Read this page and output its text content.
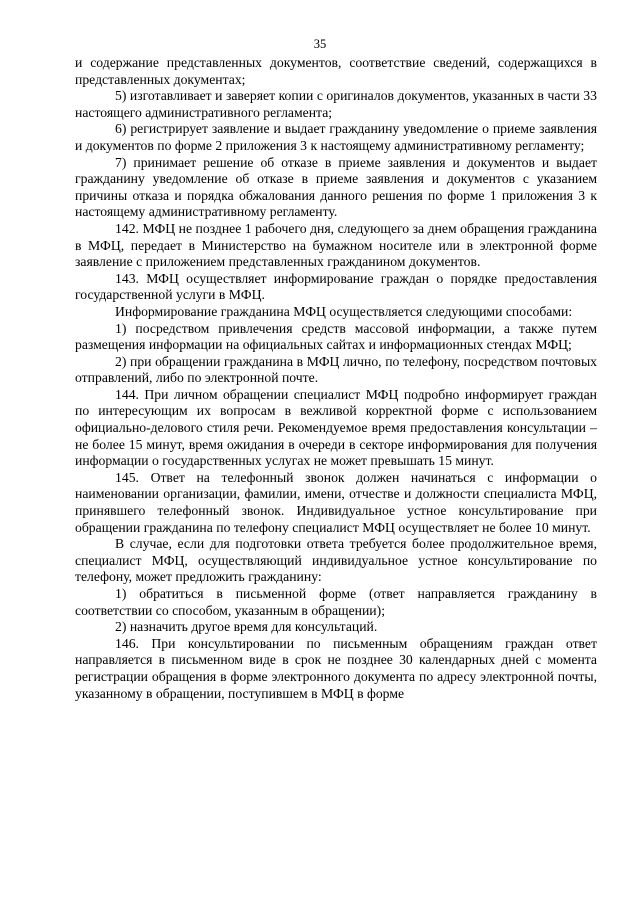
35

и содержание представленных документов, соответствие сведений, содержащихся в представленных документах;

5) изготавливает и заверяет копии с оригиналов документов, указанных в части 33 настоящего административного регламента;

6) регистрирует заявление и выдает гражданину уведомление о приеме заявления и документов по форме 2 приложения 3 к настоящему административному регламенту;

7) принимает решение об отказе в приеме заявления и документов и выдает гражданину уведомление об отказе в приеме заявления и документов с указанием причины отказа и порядка обжалования данного решения по форме 1 приложения 3 к настоящему административному регламенту.

142. МФЦ не позднее 1 рабочего дня, следующего за днем обращения гражданина в МФЦ, передает в Министерство на бумажном носителе или в электронной форме заявление с приложением представленных гражданином документов.

143. МФЦ осуществляет информирование граждан о порядке предоставления государственной услуги в МФЦ.

Информирование гражданина МФЦ осуществляется следующими способами:

1) посредством привлечения средств массовой информации, а также путем размещения информации на официальных сайтах и информационных стендах МФЦ;

2) при обращении гражданина в МФЦ лично, по телефону, посредством почтовых отправлений, либо по электронной почте.

144. При личном обращении специалист МФЦ подробно информирует граждан по интересующим их вопросам в вежливой корректной форме с использованием официально-делового стиля речи. Рекомендуемое время предоставления консультации – не более 15 минут, время ожидания в очереди в секторе информирования для получения информации о государственных услугах не может превышать 15 минут.

145. Ответ на телефонный звонок должен начинаться с информации о наименовании организации, фамилии, имени, отчестве и должности специалиста МФЦ, принявшего телефонный звонок. Индивидуальное устное консультирование при обращении гражданина по телефону специалист МФЦ осуществляет не более 10 минут.

В случае, если для подготовки ответа требуется более продолжительное время, специалист МФЦ, осуществляющий индивидуальное устное консультирование по телефону, может предложить гражданину:

1) обратиться в письменной форме (ответ направляется гражданину в соответствии со способом, указанным в обращении);

2) назначить другое время для консультаций.

146. При консультировании по письменным обращениям граждан ответ направляется в письменном виде в срок не позднее 30 календарных дней с момента регистрации обращения в форме электронного документа по адресу электронной почты, указанному в обращении, поступившем в МФЦ в форме
